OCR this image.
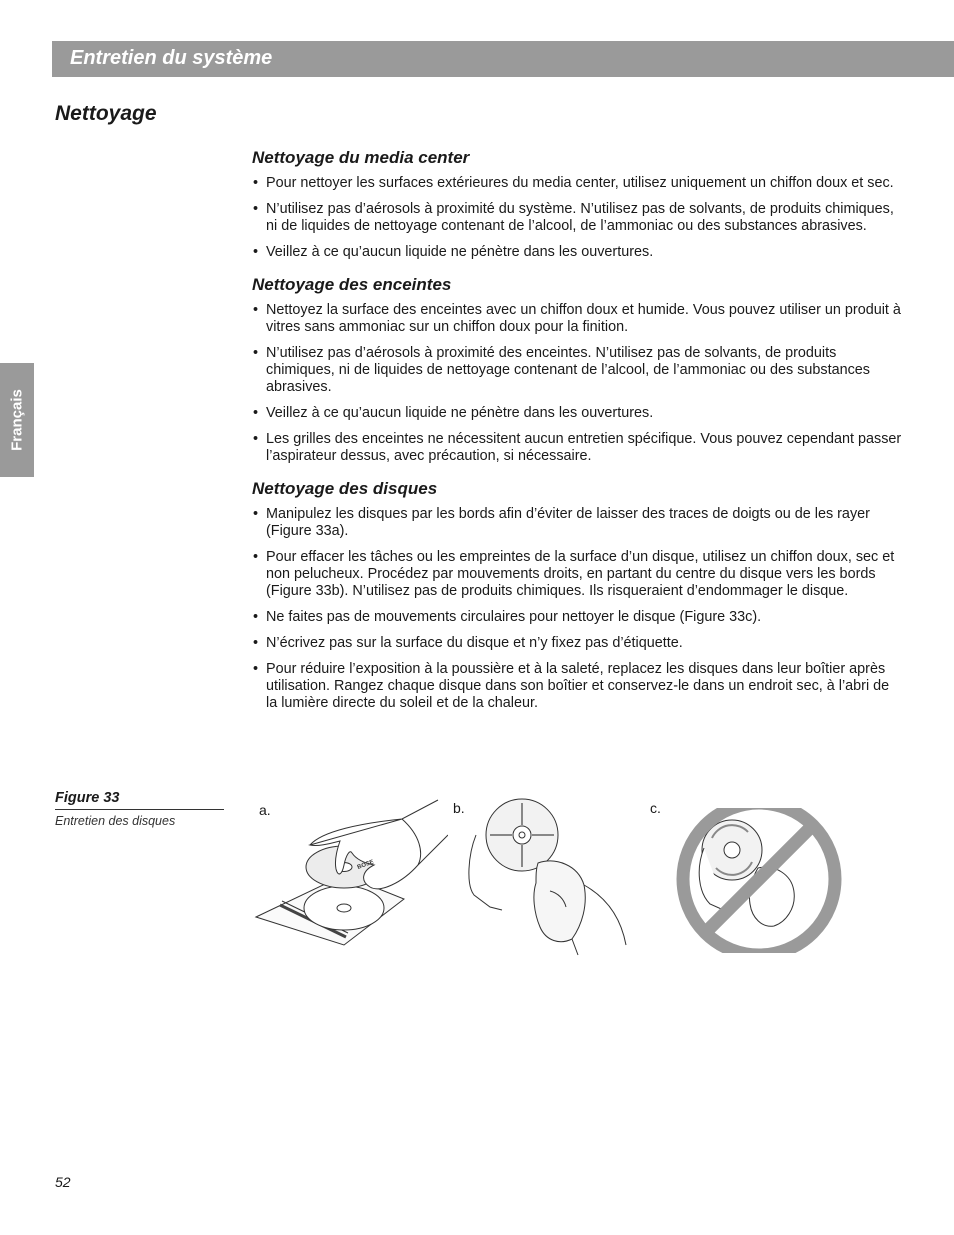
Entretien du système
Français
Nettoyage
Nettoyage du media center
• Pour nettoyer les surfaces extérieures du media center, utilisez uniquement un chiffon doux et sec.
• N’utilisez pas d’aérosols à proximité du système. N’utilisez pas de solvants, de produits chimiques, ni de liquides de nettoyage contenant de l’alcool, de l’ammoniac ou des substances abrasives.
• Veillez à ce qu’aucun liquide ne pénètre dans les ouvertures.
Nettoyage des enceintes
• Nettoyez la surface des enceintes avec un chiffon doux et humide. Vous pouvez utiliser un produit à vitres sans ammoniac sur un chiffon doux pour la finition.
• N’utilisez pas d’aérosols à proximité des enceintes. N’utilisez pas de solvants, de produits chimiques, ni de liquides de nettoyage contenant de l’alcool, de l’ammoniac ou des substances abrasives.
• Veillez à ce qu’aucun liquide ne pénètre dans les ouvertures.
• Les grilles des enceintes ne nécessitent aucun entretien spécifique. Vous pouvez cependant passer l’aspirateur dessus, avec précaution, si nécessaire.
Nettoyage des disques
• Manipulez les disques par les bords afin d’éviter de laisser des traces de doigts ou de les rayer (Figure 33a).
• Pour effacer les tâches ou les empreintes de la surface d’un disque, utilisez un chiffon doux, sec et non pelucheux. Procédez par mouvements droits, en partant du centre du disque vers les bords (Figure 33b). N’utilisez pas de produits chimiques. Ils risqueraient d’endommager le disque.
• Ne faites pas de mouvements circulaires pour nettoyer le disque (Figure 33c).
• N’écrivez pas sur la surface du disque et n’y fixez pas d’étiquette.
• Pour réduire l’exposition à la poussière et à la saleté, replacez les disques dans leur boîtier après utilisation. Rangez chaque disque dans son boîtier et conservez-le dans un endroit sec, à l’abri de la lumière directe du soleil et de la chaleur.
Figure 33
Entretien des disques
a.	b.	c.
BOSE
52
